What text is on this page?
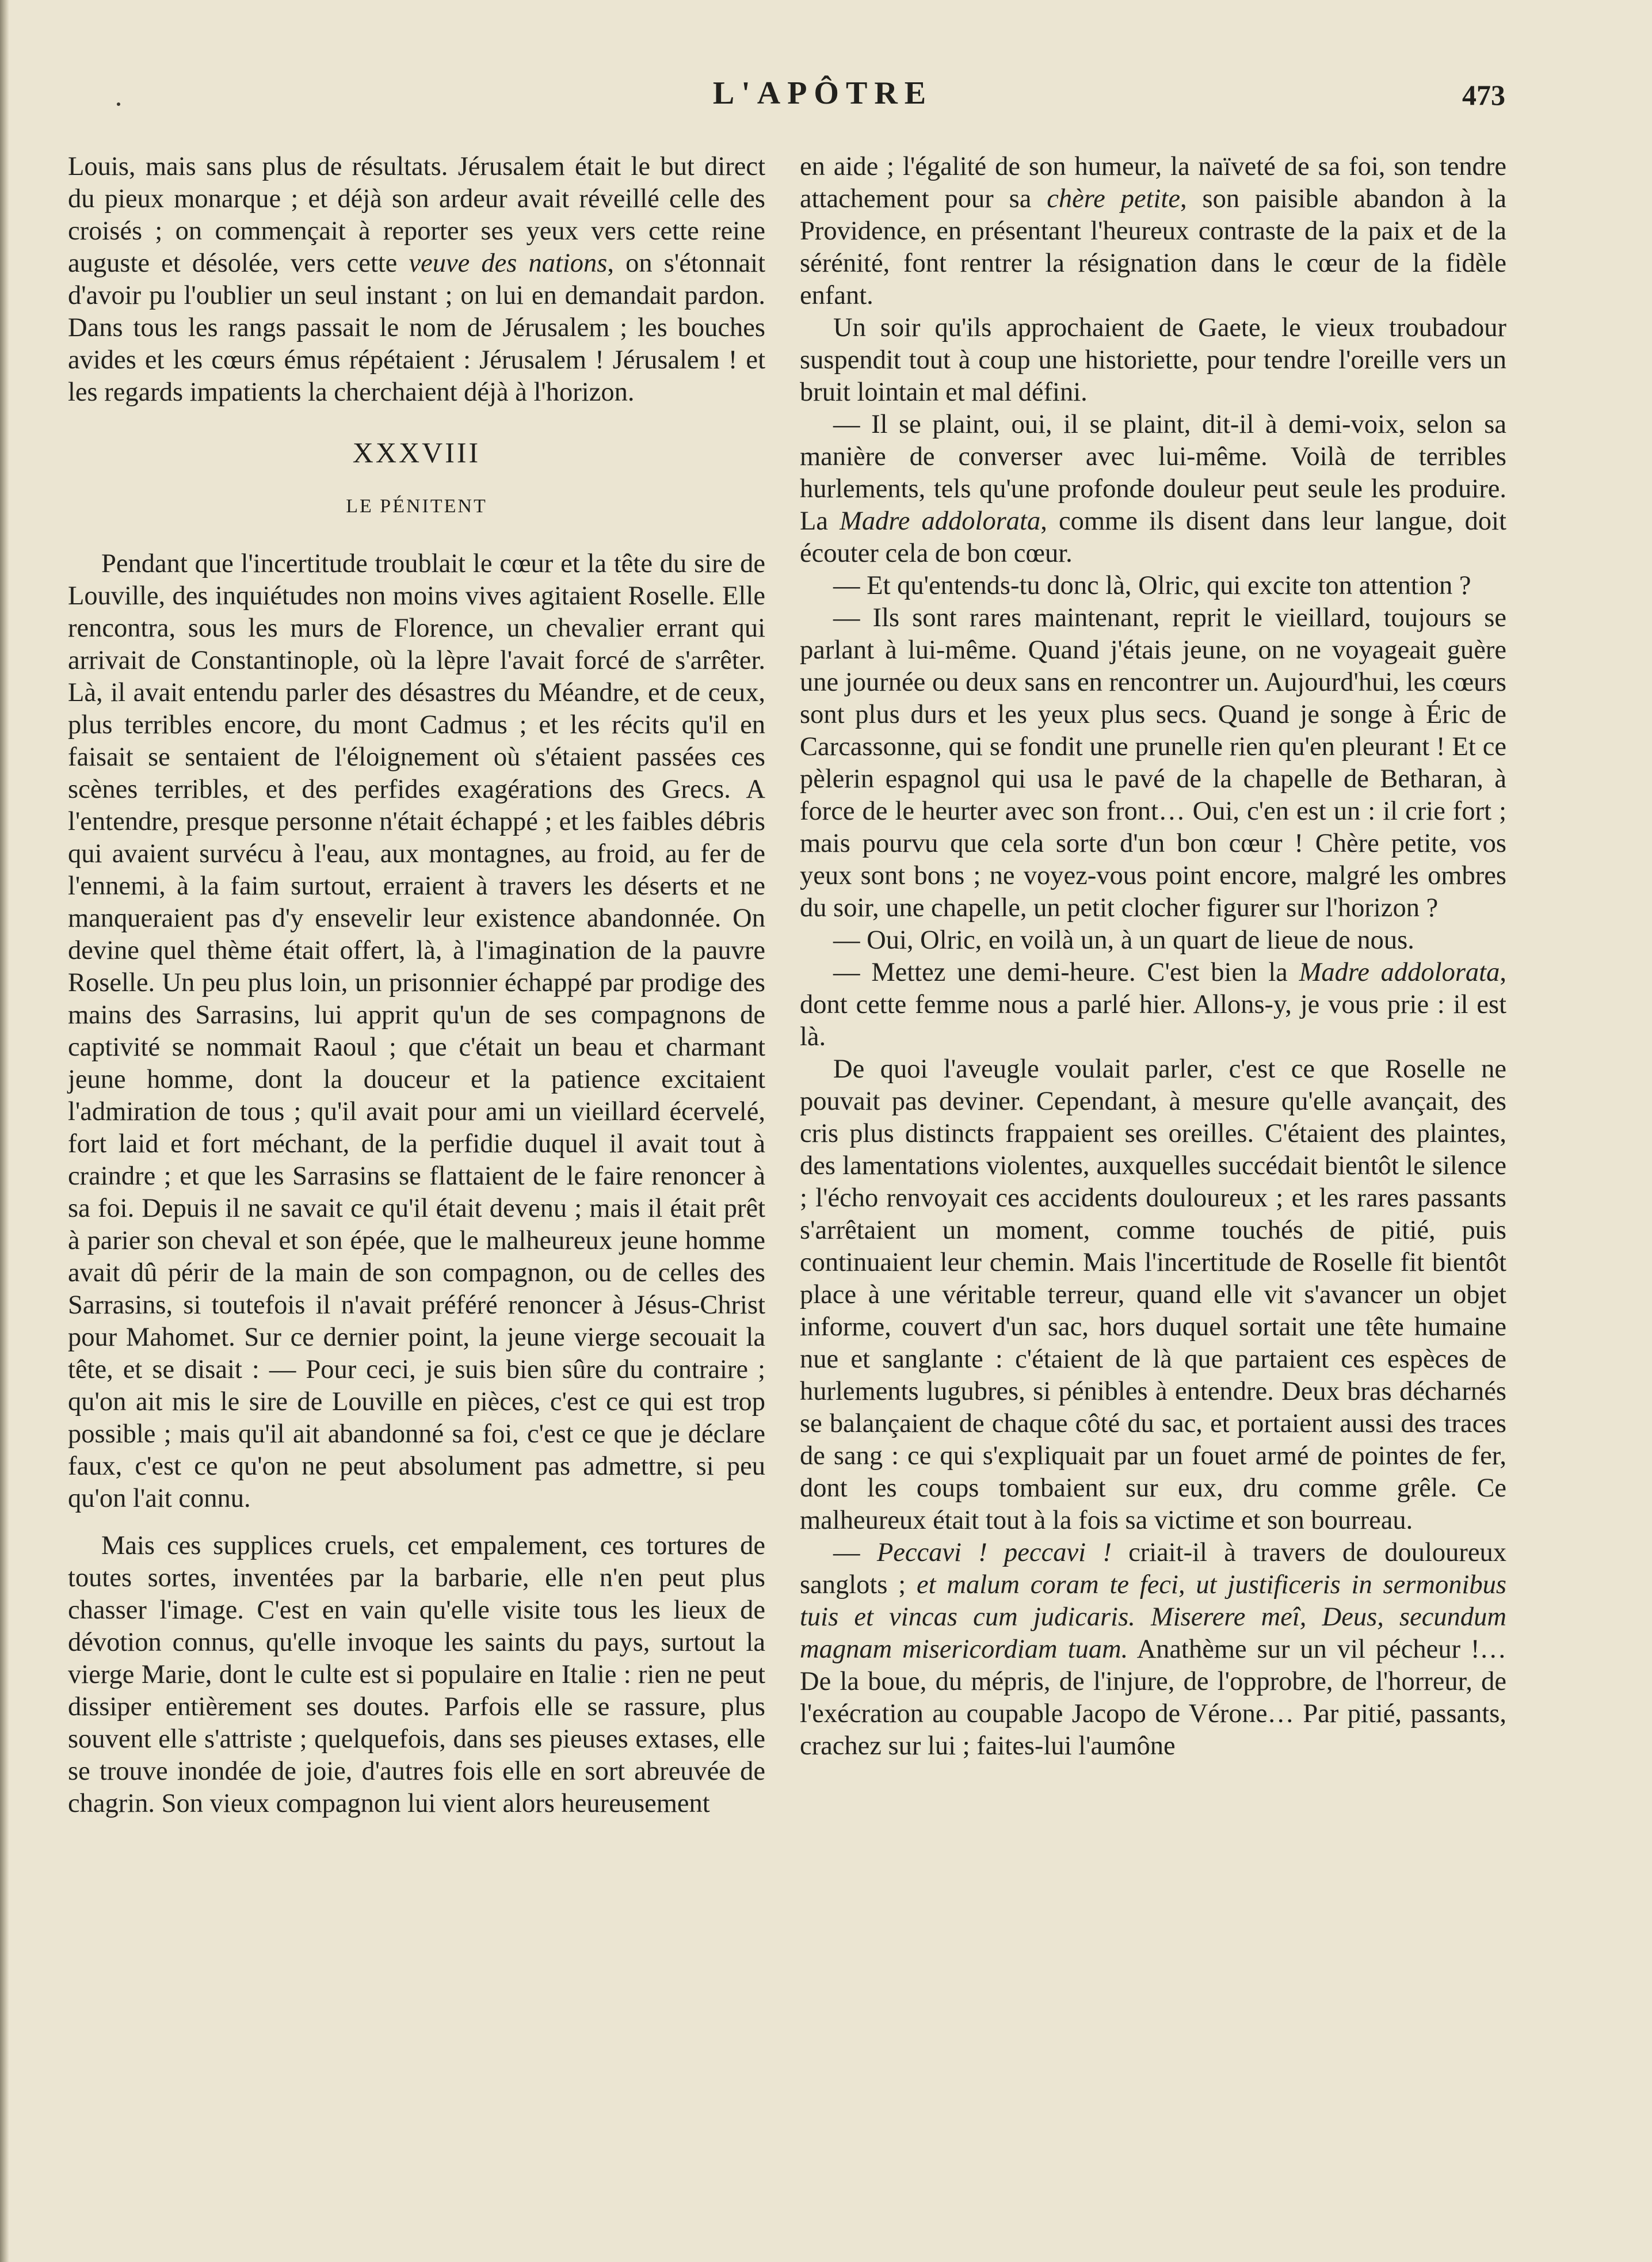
L'APÔTRE	473

Louis, mais sans plus de résultats. Jérusalem était le but direct du pieux monarque ; et déjà son ardeur avait réveillé celle des croisés ; on commençait à reporter ses yeux vers cette reine auguste et désolée, vers cette veuve des nations, on s'étonnait d'avoir pu l'oublier un seul instant ; on lui en demandait pardon. Dans tous les rangs passait le nom de Jérusalem ; les bouches avides et les cœurs émus répétaient : Jérusalem ! Jérusalem ! et les regards impatients la cherchaient déjà à l'horizon.

XXXVIII
LE PÉNITENT

Pendant que l'incertitude troublait le cœur et la tête du sire de Louville, des inquiétudes non moins vives agitaient Roselle. Elle rencontra, sous les murs de Florence, un chevalier errant qui arrivait de Constantinople, où la lèpre l'avait forcé de s'arrêter. Là, il avait entendu parler des désastres du Méandre, et de ceux, plus terribles encore, du mont Cadmus ; et les récits qu'il en faisait se sentaient de l'éloignement où s'étaient passées ces scènes terribles, et des perfides exagérations des Grecs. A l'entendre, presque personne n'était échappé ; et les faibles débris qui avaient survécu à l'eau, aux montagnes, au froid, au fer de l'ennemi, à la faim surtout, erraient à travers les déserts et ne manqueraient pas d'y ensevelir leur existence abandonnée. On devine quel thème était offert, là, à l'imagination de la pauvre Roselle. Un peu plus loin, un prisonnier échappé par prodige des mains des Sarrasins, lui apprit qu'un de ses compagnons de captivité se nommait Raoul ; que c'était un beau et charmant jeune homme, dont la douceur et la patience excitaient l'admiration de tous ; qu'il avait pour ami un vieillard écervelé, fort laid et fort méchant, de la perfidie duquel il avait tout à craindre ; et que les Sarrasins se flattaient de le faire renoncer à sa foi. Depuis il ne savait ce qu'il était devenu ; mais il était prêt à parier son cheval et son épée, que le malheureux jeune homme avait dû périr de la main de son compagnon, ou de celles des Sarrasins, si toutefois il n'avait préféré renoncer à Jésus-Christ pour Mahomet. Sur ce dernier point, la jeune vierge secouait la tête, et se disait : — Pour ceci, je suis bien sûre du contraire ; qu'on ait mis le sire de Louville en pièces, c'est ce qui est trop possible ; mais qu'il ait abandonné sa foi, c'est ce que je déclare faux, c'est ce qu'on ne peut absolument pas admettre, si peu qu'on l'ait connu.

Mais ces supplices cruels, cet empalement, ces tortures de toutes sortes, inventées par la barbarie, elle n'en peut plus chasser l'image. C'est en vain qu'elle visite tous les lieux de dévotion connus, qu'elle invoque les saints du pays, surtout la vierge Marie, dont le culte est si populaire en Italie : rien ne peut dissiper entièrement ses doutes. Parfois elle se rassure, plus souvent elle s'attriste ; quelquefois, dans ses pieuses extases, elle se trouve inondée de joie, d'autres fois elle en sort abreuvée de chagrin. Son vieux compagnon lui vient alors heureusement

en aide ; l'égalité de son humeur, la naïveté de sa foi, son tendre attachement pour sa chère petite, son paisible abandon à la Providence, en présentant l'heureux contraste de la paix et de la sérénité, font rentrer la résignation dans le cœur de la fidèle enfant.

Un soir qu'ils approchaient de Gaete, le vieux troubadour suspendit tout à coup une historiette, pour tendre l'oreille vers un bruit lointain et mal défini.

— Il se plaint, oui, il se plaint, dit-il à demi-voix, selon sa manière de converser avec lui-même. Voilà de terribles hurlements, tels qu'une profonde douleur peut seule les produire. La Madre addolorata, comme ils disent dans leur langue, doit écouter cela de bon cœur.

— Et qu'entends-tu donc là, Olric, qui excite ton attention ?

— Ils sont rares maintenant, reprit le vieillard, toujours se parlant à lui-même. Quand j'étais jeune, on ne voyageait guère une journée ou deux sans en rencontrer un. Aujourd'hui, les cœurs sont plus durs et les yeux plus secs. Quand je songe à Éric de Carcassonne, qui se fondit une prunelle rien qu'en pleurant ! Et ce pèlerin espagnol qui usa le pavé de la chapelle de Betharan, à force de le heurter avec son front… Oui, c'en est un : il crie fort ; mais pourvu que cela sorte d'un bon cœur ! Chère petite, vos yeux sont bons ; ne voyez-vous point encore, malgré les ombres du soir, une chapelle, un petit clocher figurer sur l'horizon ?

— Oui, Olric, en voilà un, à un quart de lieue de nous.

— Mettez une demi-heure. C'est bien la Madre addolorata, dont cette femme nous a parlé hier. Allons-y, je vous prie : il est là.

De quoi l'aveugle voulait parler, c'est ce que Roselle ne pouvait pas deviner. Cependant, à mesure qu'elle avançait, des cris plus distincts frappaient ses oreilles. C'étaient des plaintes, des lamentations violentes, auxquelles succédait bientôt le silence ; l'écho renvoyait ces accidents douloureux ; et les rares passants s'arrêtaient un moment, comme touchés de pitié, puis continuaient leur chemin. Mais l'incertitude de Roselle fit bientôt place à une véritable terreur, quand elle vit s'avancer un objet informe, couvert d'un sac, hors duquel sortait une tête humaine nue et sanglante : c'étaient de là que partaient ces espèces de hurlements lugubres, si pénibles à entendre. Deux bras décharnés se balançaient de chaque côté du sac, et portaient aussi des traces de sang : ce qui s'expliquait par un fouet armé de pointes de fer, dont les coups tombaient sur eux, dru comme grêle. Ce malheureux était tout à la fois sa victime et son bourreau.

— Peccavi ! peccavi ! criait-il à travers de douloureux sanglots ; et malum coram te feci, ut justificeris in sermonibus tuis et vincas cum judicaris. Miserere meî, Deus, secundum magnam misericordiam tuam. Anathème sur un vil pécheur !… De la boue, du mépris, de l'injure, de l'opprobre, de l'horreur, de l'exécration au coupable Jacopo de Vérone… Par pitié, passants, crachez sur lui ; faites-lui l'aumône
